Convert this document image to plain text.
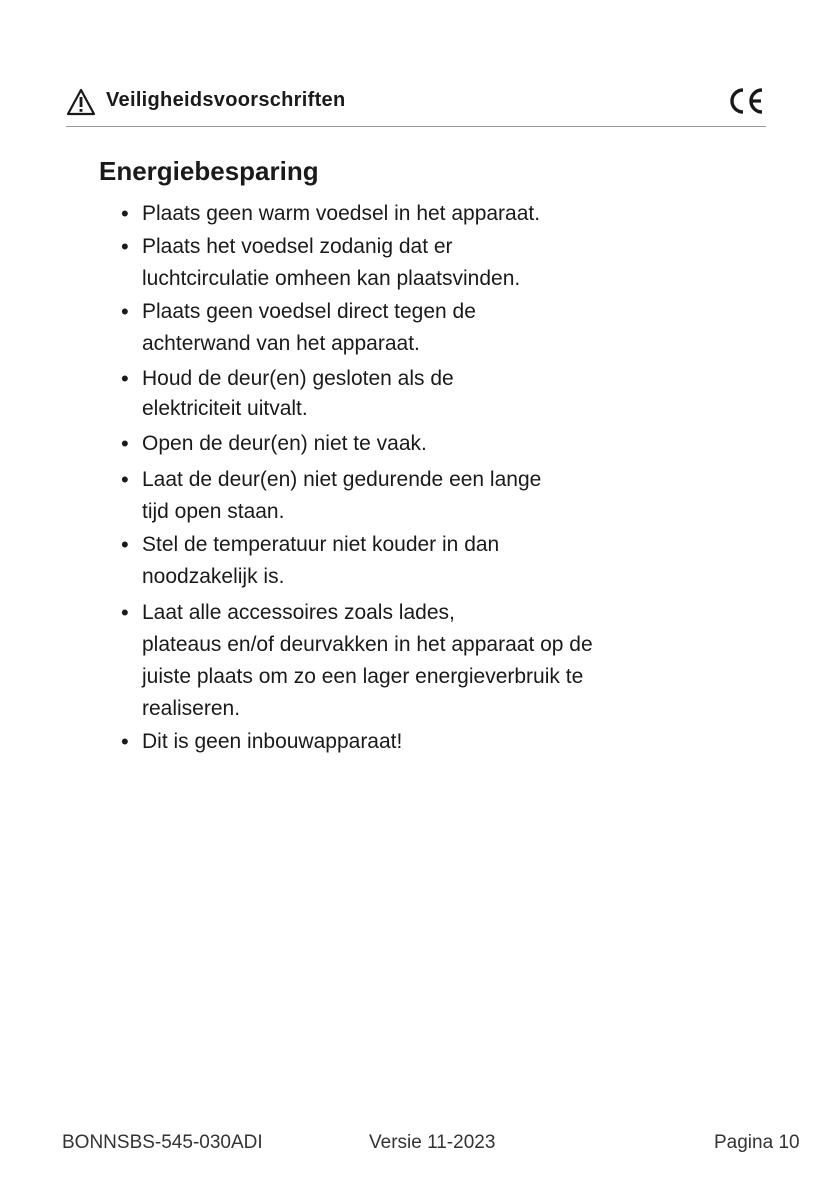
Veiligheidsvoorschriften
Energiebesparing
• Plaats geen warm voedsel in het apparaat.
• Plaats het voedsel zodanig dat er
luchtcirculatie omheen kan plaatsvinden.
• Plaats geen voedsel direct tegen de
achterwand van het apparaat.
• Houd de deur(en) gesloten als de
elektriciteit uitvalt.
• Open de deur(en) niet te vaak.
• Laat de deur(en) niet gedurende een lange
tijd open staan.
• Stel de temperatuur niet kouder in dan
noodzakelijk is.
• Laat alle accessoires zoals lades,
plateaus en/of deurvakken in het apparaat op de
juiste plaats om zo een lager energieverbruik te
realiseren.
• Dit is geen inbouwapparaat!
BONNSBS-545-030ADI	Versie 11-2023	Pagina 10
